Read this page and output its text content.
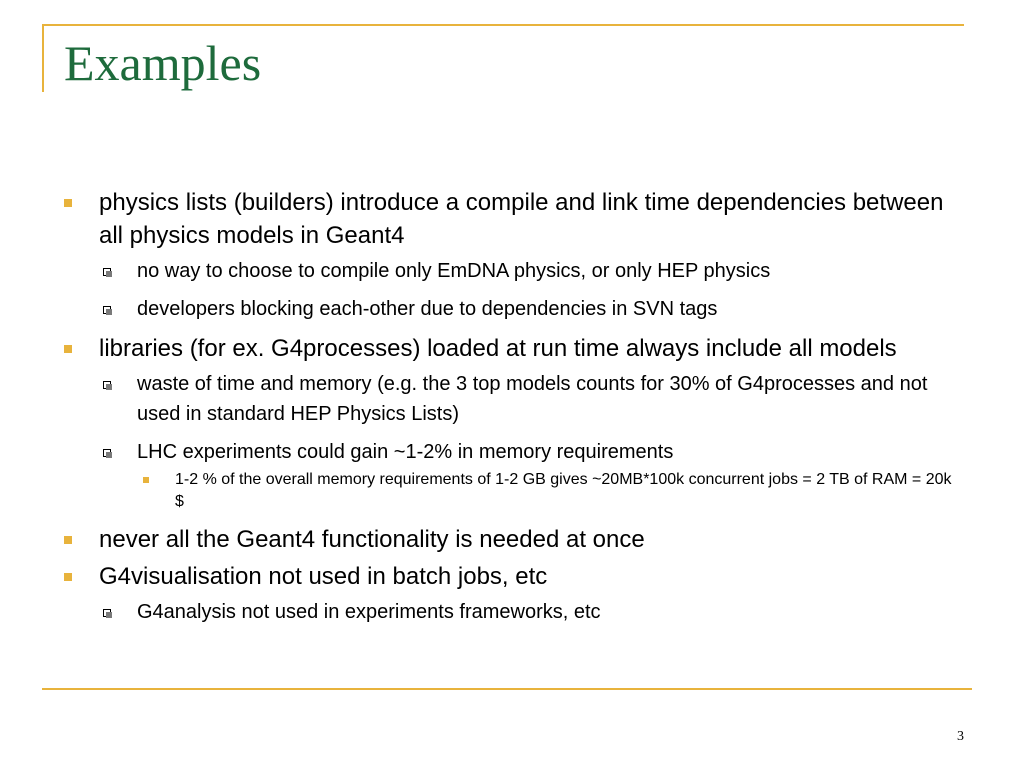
Examples
physics lists (builders) introduce a compile and link time dependencies between all physics models in Geant4
no way to choose to compile only EmDNA physics, or only HEP physics
developers blocking each-other due to dependencies in SVN tags
libraries (for ex. G4processes) loaded at run time always include all models
waste of time and memory (e.g. the 3 top models counts for 30% of G4processes and not used in standard HEP Physics Lists)
LHC experiments could gain ~1-2% in memory requirements
1-2 % of the overall memory requirements of 1-2 GB gives ~20MB*100k concurrent jobs = 2 TB of RAM = 20k $
never all the Geant4 functionality is needed at once
G4visualisation not used in batch jobs, etc
G4analysis not used in experiments frameworks, etc
3
